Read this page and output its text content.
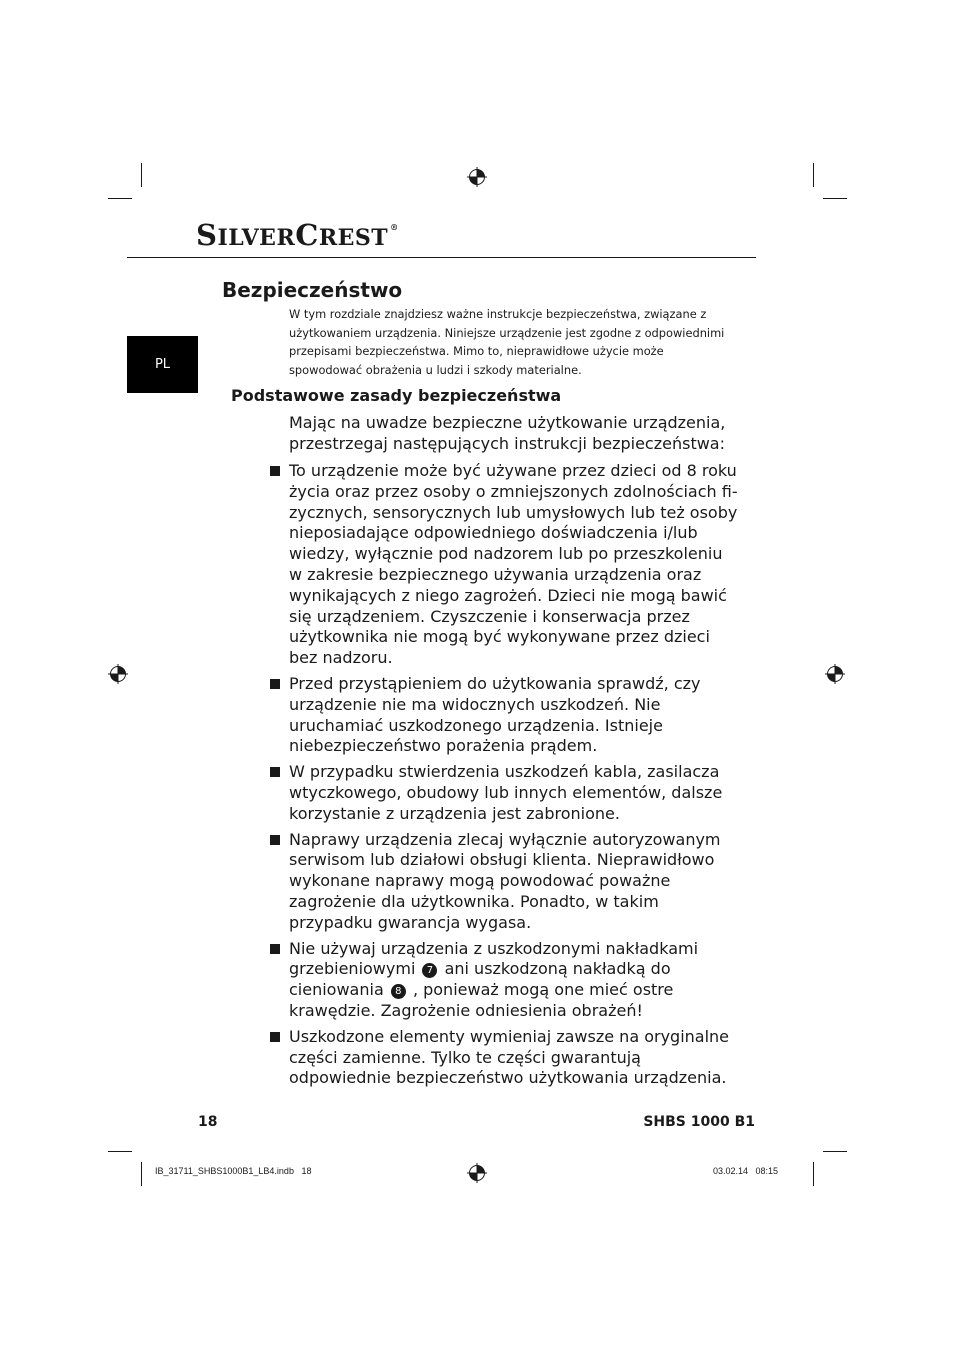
SILVERCREST ®
PL
Bezpieczeństwo
W tym rozdziale znajdziesz ważne instrukcje bezpieczeństwa, związane z użytkowaniem urządzenia. Niniejsze urządzenie jest zgodne z odpowiednimi przepisami bezpieczeństwa. Mimo to, nieprawidłowe użycie może spowodować obrażenia u ludzi i szkody materialne.
Podstawowe zasady bezpieczeństwa
Mając na uwadze bezpieczne użytkowanie urządzenia, przestrzegaj następujących instrukcji bezpieczeństwa:
To urządzenie może być używane przez dzieci od 8 roku życia oraz przez osoby o zmniejszonych zdolnościach fizycznych, sensorycznych lub umysłowych lub też osoby nieposiadające odpowiedniego doświadczenia i/lub wiedzy, wyłącznie pod nadzorem lub po przeszkoleniu w zakresie bezpiecznego używania urządzenia oraz wynikających z niego zagrożeń. Dzieci nie mogą bawić się urządzeniem. Czyszczenie i konserwacja przez użytkownika nie mogą być wykonywane przez dzieci bez nadzoru.
Przed przystąpieniem do użytkowania sprawdź, czy urządzenie nie ma widocznych uszkodzeń. Nie uruchamiać uszkodzonego urządzenia. Istnieje niebezpieczeństwo porażenia prądem.
W przypadku stwierdzenia uszkodzeń kabla, zasilacza wtyczkowego, obudowy lub innych elementów, dalsze korzystanie z urządzenia jest zabronione.
Naprawy urządzenia zlecaj wyłącznie autoryzowanym serwisom lub działowi obsługi klienta. Nieprawidłowo wykonane naprawy mogą powodować poważne zagrożenie dla użytkownika. Ponadto, w takim przypadku gwarancja wygasa.
Nie używaj urządzenia z uszkodzonymi nakładkami grzebieniowymi 7 ani uszkodzoną nakładką do cieniowania 8 , ponieważ mogą one mieć ostre krawędzie. Zagrożenie odniesienia obrażeń!
Uszkodzone elementy wymieniaj zawsze na oryginalne części zamienne. Tylko te części gwarantują odpowiednie bezpieczeństwo użytkowania urządzenia.
18	SHBS 1000 B1
IB_31711_SHBS1000B1_LB4.indb   18	03.02.14   08:15
